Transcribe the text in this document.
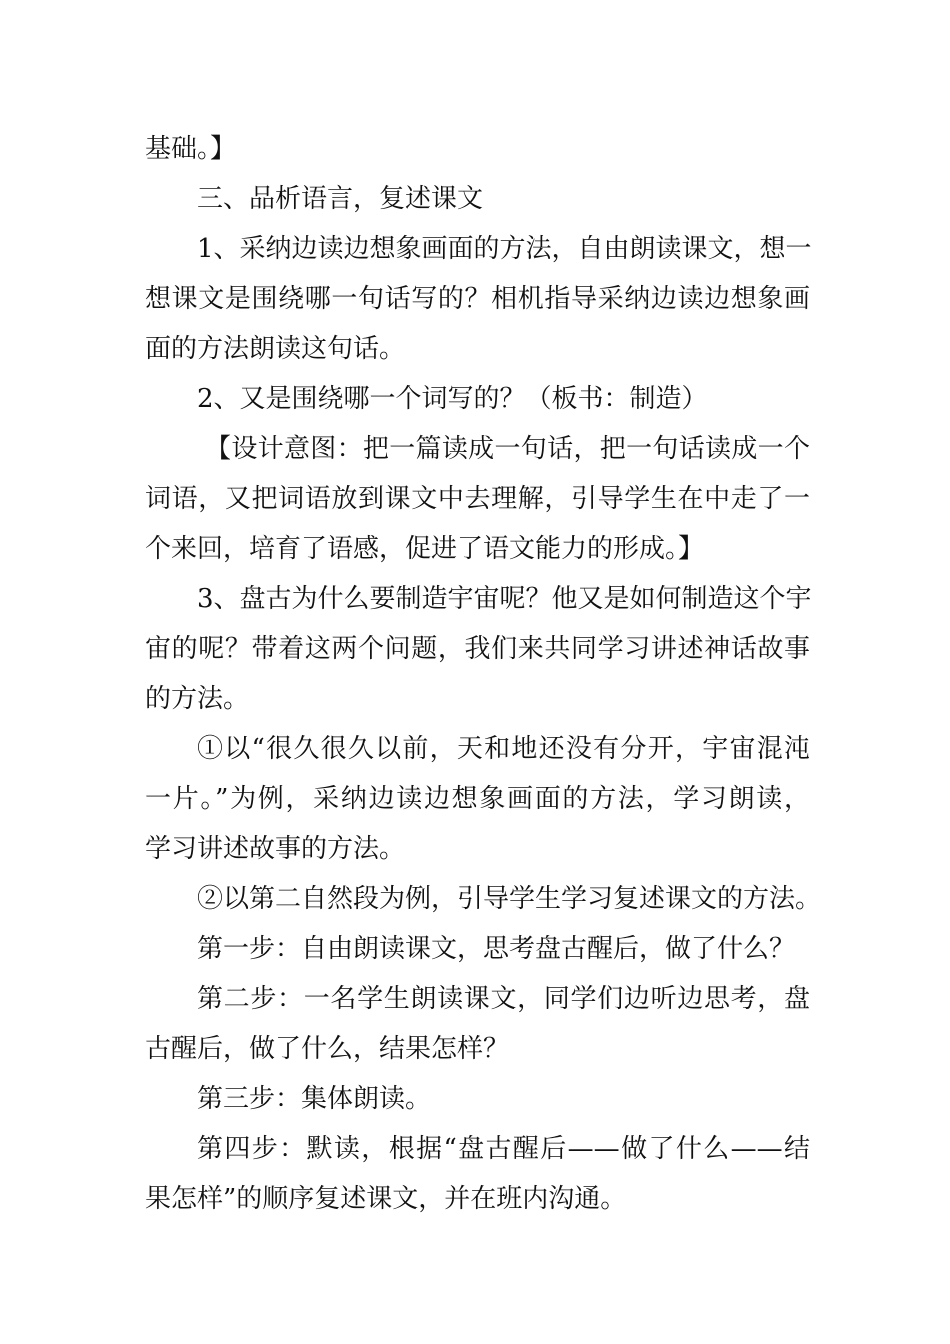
基础。】
三、品析语言，复述课文
1、采纳边读边想象画面的方法，自由朗读课文，想一
想课文是围绕哪一句话写的？相机指导采纳边读边想象画
面的方法朗读这句话。
2、又是围绕哪一个词写的？（板书：制造）
【设计意图：把一篇读成一句话，把一句话读成一个
词语，又把词语放到课文中去理解，引导学生在中走了一
个来回，培育了语感，促进了语文能力的形成。】
3、盘古为什么要制造宇宙呢？他又是如何制造这个宇
宙的呢？带着这两个问题，我们来共同学习讲述神话故事
的方法。
①以“很久很久以前，天和地还没有分开，宇宙混沌
一片。”为例，采纳边读边想象画面的方法，学习朗读，
学习讲述故事的方法。
②以第二自然段为例，引导学生学习复述课文的方法。
第一步：自由朗读课文，思考盘古醒后，做了什么？
第二步：一名学生朗读课文，同学们边听边思考，盘
古醒后，做了什么，结果怎样？
第三步：集体朗读。
第四步：默读，根据“盘古醒后——做了什么——结
果怎样”的顺序复述课文，并在班内沟通。
